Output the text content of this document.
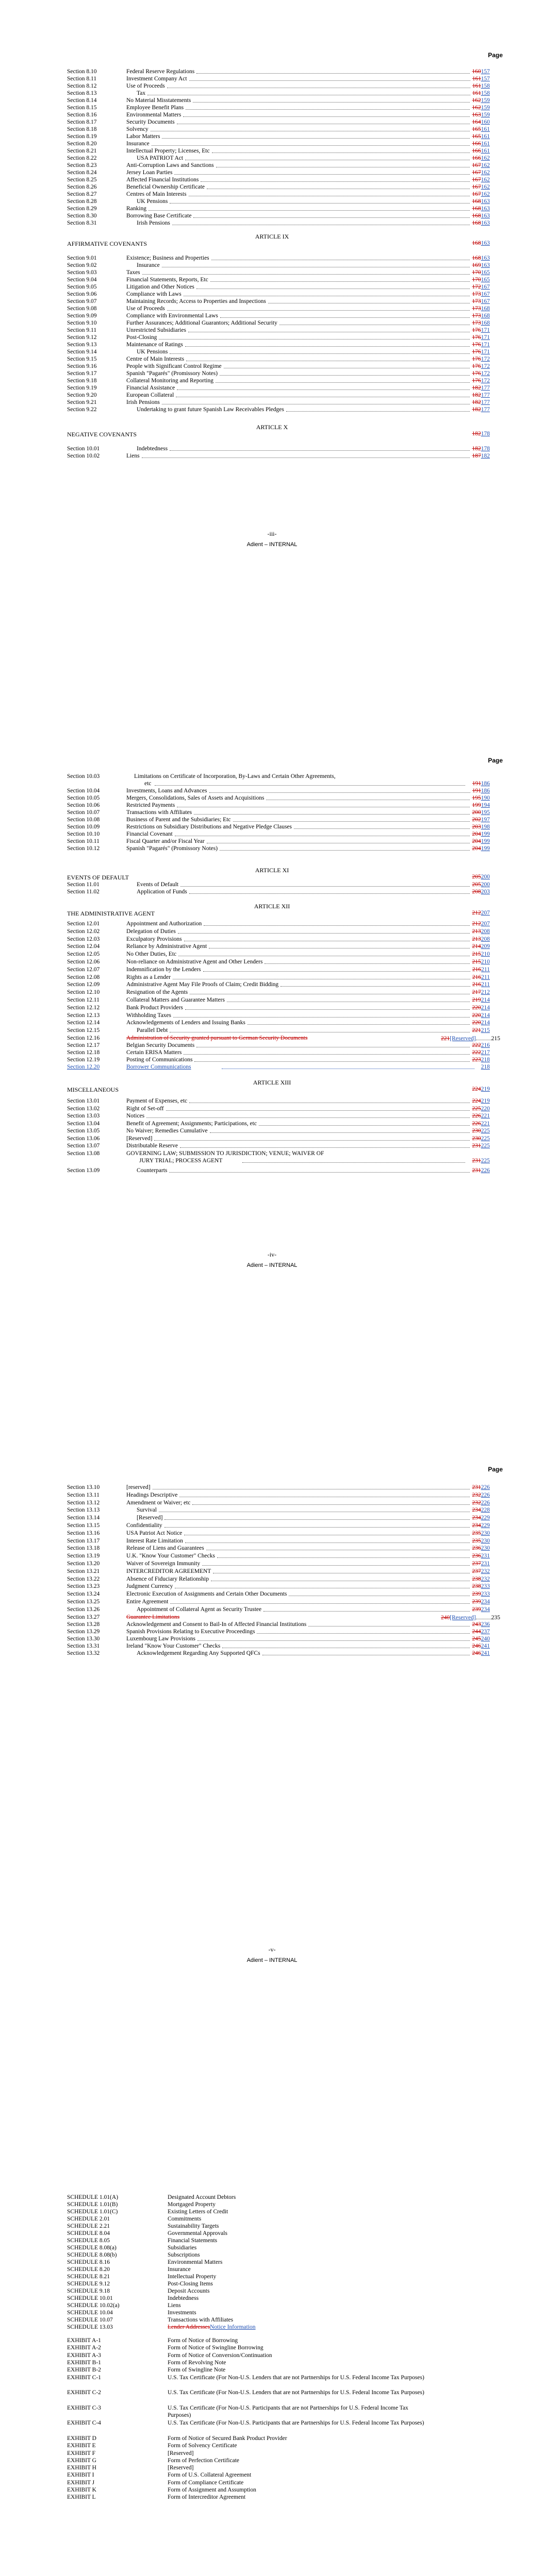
Page
Section 8.10	Federal Reserve Regulations	160157
Section 8.11	Investment Company Act	161157
Section 8.12	Use of Proceeds	161158
Section 8.13	Tax	161158
Section 8.14	No Material Misstatements	162159
Section 8.15	Employee Benefit Plans	162159
Section 8.16	Environmental Matters	163159
Section 8.17	Security Documents	164160
Section 8.18	Solvency	165161
Section 8.19	Labor Matters	165161
Section 8.20	Insurance	166161
Section 8.21	Intellectual Property; Licenses, Etc	166161
Section 8.22	USA PATRIOT Act	166162
Section 8.23	Anti-Corruption Laws and Sanctions	167162
Section 8.24	Jersey Loan Parties	167162
Section 8.25	Affected Financial Institutions	167162
Section 8.26	Beneficial Ownership Certificate	167162
Section 8.27	Centres of Main Interests	167162
Section 8.28	UK Pensions	168163
Section 8.29	Ranking	168163
Section 8.30	Borrowing Base Certificate	168163
Section 8.31	Irish Pensions	168163
ARTICLE IX
AFFIRMATIVE COVENANTS	168163
Section 9.01	Existence; Business and Properties	168163
Section 9.02	Insurance	169163
Section 9.03	Taxes	170165
Section 9.04	Financial Statements, Reports, Etc	170165
Section 9.05	Litigation and Other Notices	172167
Section 9.06	Compliance with Laws	173167
Section 9.07	Maintaining Records; Access to Properties and Inspections	173167
Section 9.08	Use of Proceeds	173168
Section 9.09	Compliance with Environmental Laws	173168
Section 9.10	Further Assurances; Additional Guarantors; Additional Security	173168
Section 9.11	Unrestricted Subsidiaries	176171
Section 9.12	Post-Closing	176171
Section 9.13	Maintenance of Ratings	176171
Section 9.14	UK Pensions	176171
Section 9.15	Centre of Main Interests	176172
Section 9.16	People with Significant Control Regime	176172
Section 9.17	Spanish "Pagarés" (Promissory Notes)	176172
Section 9.18	Collateral Monitoring and Reporting	176172
Section 9.19	Financial Assistance	182177
Section 9.20	European Collateral	182177
Section 9.21	Irish Pensions	182177
Section 9.22	Undertaking to grant future Spanish Law Receivables Pledges	182177
ARTICLE X
NEGATIVE COVENANTS	182178
Section 10.01	Indebtedness	182178
Section 10.02	Liens	187182
-iii-
Adient – INTERNAL
Page
Section 10.03	Limitations on Certificate of Incorporation, By-Laws and Certain Other Agreements,
etc	191186
Section 10.04	Investments, Loans and Advances	191186
Section 10.05	Mergers, Consolidations, Sales of Assets and Acquisitions	195190
Section 10.06	Restricted Payments	199194
Section 10.07	Transactions with Affiliates	200195
Section 10.08	Business of Parent and the Subsidiaries; Etc	202197
Section 10.09	Restrictions on Subsidiary Distributions and Negative Pledge Clauses	203198
Section 10.10	Financial Covenant	204199
Section 10.11	Fiscal Quarter and/or Fiscal Year	204199
Section 10.12	Spanish "Pagarés" (Promissory Notes)	204199
ARTICLE XI
EVENTS OF DEFAULT	205200
Section 11.01	Events of Default	205200
Section 11.02	Application of Funds	208203
ARTICLE XII
THE ADMINISTRATIVE AGENT	212207
Section 12.01	Appointment and Authorization	212207
Section 12.02	Delegation of Duties	213208
Section 12.03	Exculpatory Provisions	213208
Section 12.04	Reliance by Administrative Agent	214209
Section 12.05	No Other Duties, Etc	215210
Section 12.06	Non-reliance on Administrative Agent and Other Lenders	215210
Section 12.07	Indemnification by the Lenders	216211
Section 12.08	Rights as a Lender	216211
Section 12.09	Administrative Agent May File Proofs of Claim; Credit Bidding	216211
Section 12.10	Resignation of the Agents	217212
Section 12.11	Collateral Matters and Guarantee Matters	219214
Section 12.12	Bank Product Providers	220214
Section 12.13	Withholding Taxes	220214
Section 12.14	Acknowledgements of Lenders and Issuing Banks	220214
Section 12.15	Parallel Debt	221215
Section 12.16	Administration of Security granted pursuant to German Security Documents	221[Reserved]	215
Section 12.17	Belgian Security Documents	222216
Section 12.18	Certain ERISA Matters	222217
Section 12.19	Posting of Communications	223218
Section 12.20	Borrower Communications	218
ARTICLE XIII
MISCELLANEOUS	224219
Section 13.01	Payment of Expenses, etc	224219
Section 13.02	Right of Set-off	225220
Section 13.03	Notices	226221
Section 13.04	Benefit of Agreement; Assignments; Participations, etc	226221
Section 13.05	No Waiver; Remedies Cumulative	230225
Section 13.06	[Reserved]	230225
Section 13.07	Distributable Reserve	231225
Section 13.08	GOVERNING LAW; SUBMISSION TO JURISDICTION; VENUE; WAIVER OF
JURY TRIAL; PROCESS AGENT	231225
Section 13.09	Counterparts	231226
-iv-
Adient – INTERNAL
Page
Section 13.10	[reserved]	231226
Section 13.11	Headings Descriptive	232226
Section 13.12	Amendment or Waiver; etc	232226
Section 13.13	Survival	234228
Section 13.14	[Reserved]	234229
Section 13.15	Confidentiality	234229
Section 13.16	USA Patriot Act Notice	235230
Section 13.17	Interest Rate Limitation	235230
Section 13.18	Release of Liens and Guarantees	236230
Section 13.19	U.K. "Know Your Customer" Checks	236231
Section 13.20	Waiver of Sovereign Immunity	237231
Section 13.21	INTERCREDITOR AGREEMENT	237232
Section 13.22	Absence of Fiduciary Relationship	238232
Section 13.23	Judgment Currency	238233
Section 13.24	Electronic Execution of Assignments and Certain Other Documents	239233
Section 13.25	Entire Agreement	239234
Section 13.26	Appointment of Collateral Agent as Security Trustee	239234
Section 13.27	Guarantee Limitations	240[Reserved]	235
Section 13.28	Acknowledgement and Consent to Bail-In of Affected Financial Institutions	243236
Section 13.29	Spanish Provisions Relating to Executive Proceedings	244237
Section 13.30	Luxembourg Law Provisions	245240
Section 13.31	Ireland "Know Your Customer" Checks	246241
Section 13.32	Acknowledgement Regarding Any Supported QFCs	246241
-v-
Adient – INTERNAL
SCHEDULE 1.01(A)	Designated Account Debtors
SCHEDULE 1.01(B)	Mortgaged Property
SCHEDULE 1.01(C)	Existing Letters of Credit
SCHEDULE 2.01	Commitments
SCHEDULE 2.21	Sustainability Targets
SCHEDULE 8.04	Governmental Approvals
SCHEDULE 8.05	Financial Statements
SCHEDULE 8.08(a)	Subsidiaries
SCHEDULE 8.08(b)	Subscriptions
SCHEDULE 8.16	Environmental Matters
SCHEDULE 8.20	Insurance
SCHEDULE 8.21	Intellectual Property
SCHEDULE 9.12	Post-Closing Items
SCHEDULE 9.18	Deposit Accounts
SCHEDULE 10.01	Indebtedness
SCHEDULE 10.02(a)	Liens
SCHEDULE 10.04	Investments
SCHEDULE 10.07	Transactions with Affiliates
SCHEDULE 13.03	Lender AddressesNotice Information
EXHIBIT A-1	Form of Notice of Borrowing
EXHIBIT A-2	Form of Notice of Swingline Borrowing
EXHIBIT A-3	Form of Notice of Conversion/Continuation
EXHIBIT B-1	Form of Revolving Note
EXHIBIT B-2	Form of Swingline Note
EXHIBIT C-1	U.S. Tax Certificate (For Non-U.S. Lenders that are not Partnerships for U.S. Federal Income Tax Purposes)
EXHIBIT C-2	U.S. Tax Certificate (For Non-U.S. Lenders that are not Partnerships for U.S. Federal Income Tax Purposes)
EXHIBIT C-3	U.S. Tax Certificate (For Non-U.S. Participants that are not Partnerships for U.S. Federal Income Tax Purposes)
EXHIBIT C-4	U.S. Tax Certificate (For Non-U.S. Participants that are Partnerships for U.S. Federal Income Tax Purposes)
EXHIBIT D	Form of Notice of Secured Bank Product Provider
EXHIBIT E	Form of Solvency Certificate
EXHIBIT F	[Reserved]
EXHIBIT G	Form of Perfection Certificate
EXHIBIT H	[Reserved]
EXHIBIT I	Form of U.S. Collateral Agreement
EXHIBIT J	Form of Compliance Certificate
EXHIBIT K	Form of Assignment and Assumption
EXHIBIT L	Form of Intercreditor Agreement
